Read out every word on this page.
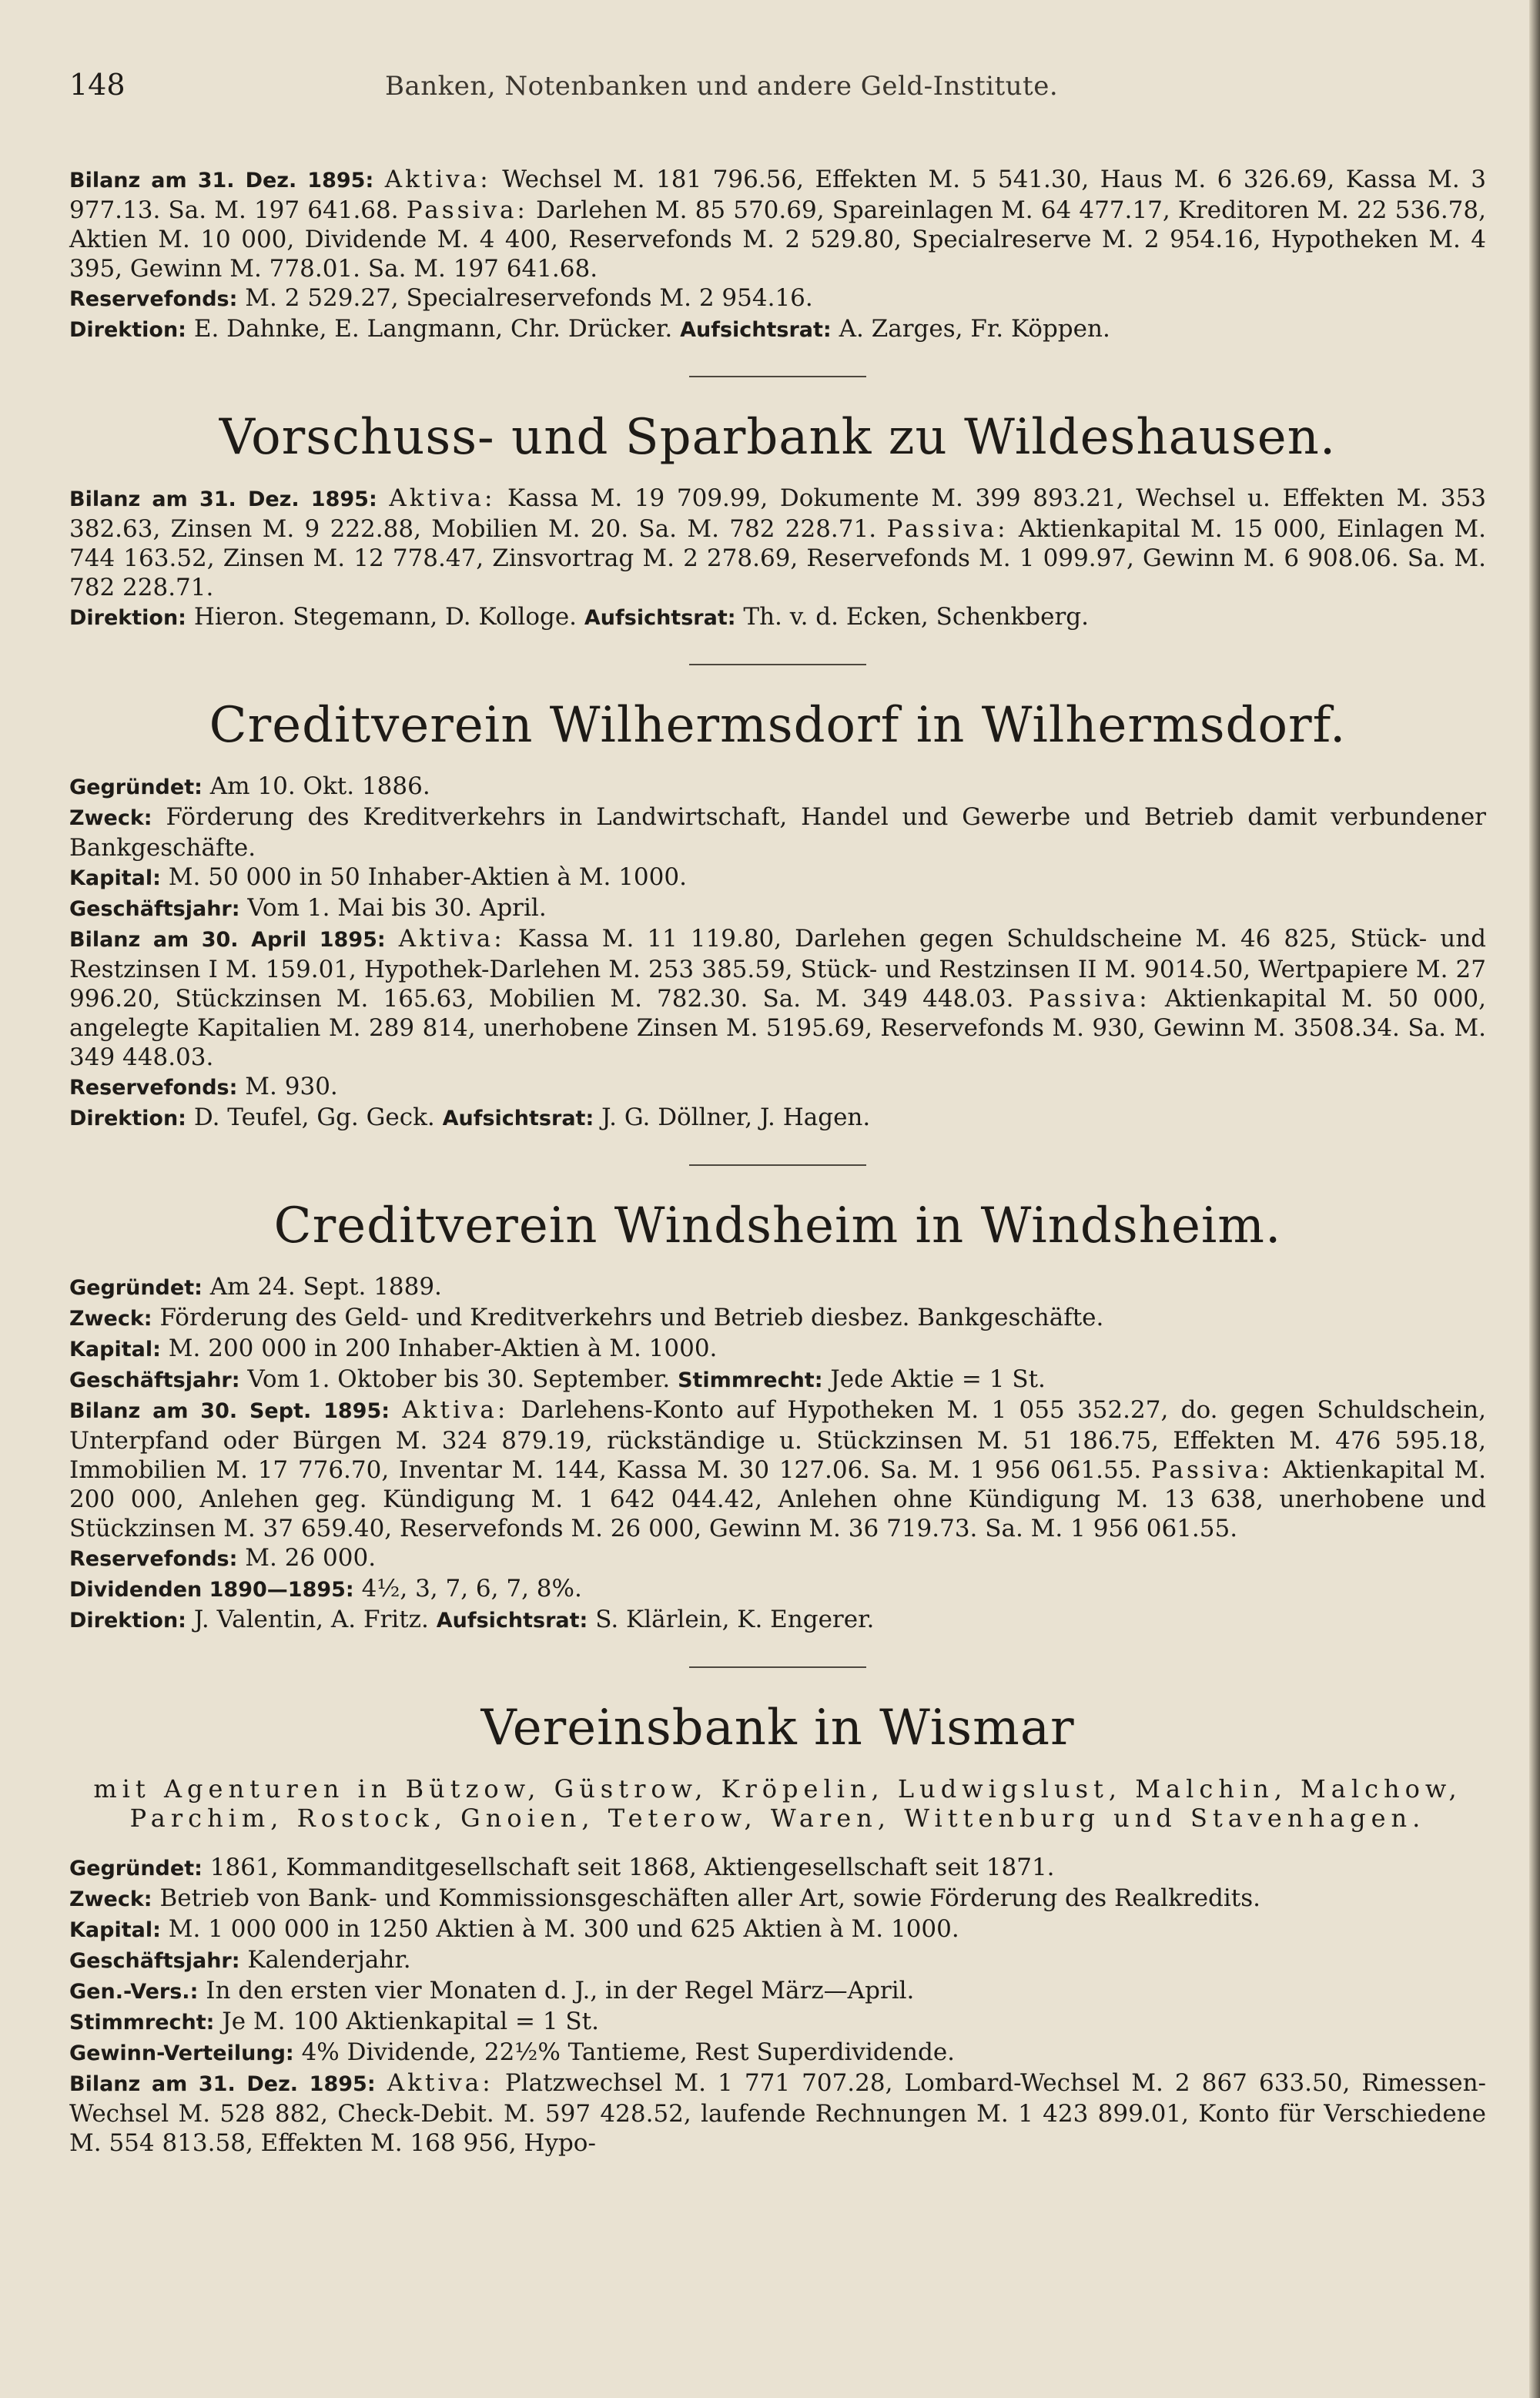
148	Banken, Notenbanken und andere Geld-Institute.

Bilanz am 31. Dez. 1895: Aktiva: Wechsel M. 181 796.56, Effekten M. 5 541.30, Haus M. 6 326.69, Kassa M. 3 977.13. Sa. M. 197 641.68. Passiva: Darlehen M. 85 570.69, Spareinlagen M. 64 477.17, Kreditoren M. 22 536.78, Aktien M. 10 000, Dividende M. 4 400, Reservefonds M. 2 529.80, Specialreserve M. 2 954.16, Hypotheken M. 4 395, Gewinn M. 778.01. Sa. M. 197 641.68.

Reservefonds: M. 2 529.27, Specialreservefonds M. 2 954.16.

Direktion: E. Dahnke, E. Langmann, Chr. Drücker. Aufsichtsrat: A. Zarges, Fr. Köppen.

Vorschuss- und Sparbank zu Wildeshausen.

Bilanz am 31. Dez. 1895: Aktiva: Kassa M. 19 709.99, Dokumente M. 399 893.21, Wechsel u. Effekten M. 353 382.63, Zinsen M. 9 222.88, Mobilien M. 20. Sa. M. 782 228.71. Passiva: Aktienkapital M. 15 000, Einlagen M. 744 163.52, Zinsen M. 12 778.47, Zinsvortrag M. 2 278.69, Reservefonds M. 1 099.97, Gewinn M. 6 908.06. Sa. M. 782 228.71.

Direktion: Hieron. Stegemann, D. Kolloge. Aufsichtsrat: Th. v. d. Ecken, Schenkberg.

Creditverein Wilhermsdorf in Wilhermsdorf.

Gegründet: Am 10. Okt. 1886.

Zweck: Förderung des Kreditverkehrs in Landwirtschaft, Handel und Gewerbe und Betrieb damit verbundener Bankgeschäfte.

Kapital: M. 50 000 in 50 Inhaber-Aktien à M. 1000.

Geschäftsjahr: Vom 1. Mai bis 30. April.

Bilanz am 30. April 1895: Aktiva: Kassa M. 11 119.80, Darlehen gegen Schuldscheine M. 46 825, Stück- und Restzinsen I M. 159.01, Hypothek-Darlehen M. 253 385.59, Stück- und Restzinsen II M. 9014.50, Wertpapiere M. 27 996.20, Stückzinsen M. 165.63, Mobilien M. 782.30. Sa. M. 349 448.03. Passiva: Aktienkapital M. 50 000, angelegte Kapitalien M. 289 814, unerhobene Zinsen M. 5195.69, Reservefonds M. 930, Gewinn M. 3508.34. Sa. M. 349 448.03.

Reservefonds: M. 930.

Direktion: D. Teufel, Gg. Geck. Aufsichtsrat: J. G. Döllner, J. Hagen.

Creditverein Windsheim in Windsheim.

Gegründet: Am 24. Sept. 1889.

Zweck: Förderung des Geld- und Kreditverkehrs und Betrieb diesbez. Bankgeschäfte.

Kapital: M. 200 000 in 200 Inhaber-Aktien à M. 1000.

Geschäftsjahr: Vom 1. Oktober bis 30. September. Stimmrecht: Jede Aktie = 1 St.

Bilanz am 30. Sept. 1895: Aktiva: Darlehens-Konto auf Hypotheken M. 1 055 352.27, do. gegen Schuldschein, Unterpfand oder Bürgen M. 324 879.19, rückständige u. Stückzinsen M. 51 186.75, Effekten M. 476 595.18, Immobilien M. 17 776.70, Inventar M. 144, Kassa M. 30 127.06. Sa. M. 1 956 061.55. Passiva: Aktienkapital M. 200 000, Anlehen geg. Kündigung M. 1 642 044.42, Anlehen ohne Kündigung M. 13 638, unerhobene und Stückzinsen M. 37 659.40, Reservefonds M. 26 000, Gewinn M. 36 719.73. Sa. M. 1 956 061.55.

Reservefonds: M. 26 000.

Dividenden 1890—1895: 4½, 3, 7, 6, 7, 8%.

Direktion: J. Valentin, A. Fritz. Aufsichtsrat: S. Klärlein, K. Engerer.

Vereinsbank in Wismar
mit Agenturen in Bützow, Güstrow, Kröpelin, Ludwigslust, Malchin, Malchow, Parchim, Rostock, Gnoien, Teterow, Waren, Wittenburg und Stavenhagen.

Gegründet: 1861, Kommanditgesellschaft seit 1868, Aktiengesellschaft seit 1871.

Zweck: Betrieb von Bank- und Kommissionsgeschäften aller Art, sowie Förderung des Realkredits.

Kapital: M. 1 000 000 in 1250 Aktien à M. 300 und 625 Aktien à M. 1000.

Geschäftsjahr: Kalenderjahr.

Gen.-Vers.: In den ersten vier Monaten d. J., in der Regel März—April.

Stimmrecht: Je M. 100 Aktienkapital = 1 St.

Gewinn-Verteilung: 4% Dividende, 22½% Tantieme, Rest Superdividende.

Bilanz am 31. Dez. 1895: Aktiva: Platzwechsel M. 1 771 707.28, Lombard-Wechsel M. 2 867 633.50, Rimessen-Wechsel M. 528 882, Check-Debit. M. 597 428.52, laufende Rechnungen M. 1 423 899.01, Konto für Verschiedene M. 554 813.58, Effekten M. 168 956, Hypo-
